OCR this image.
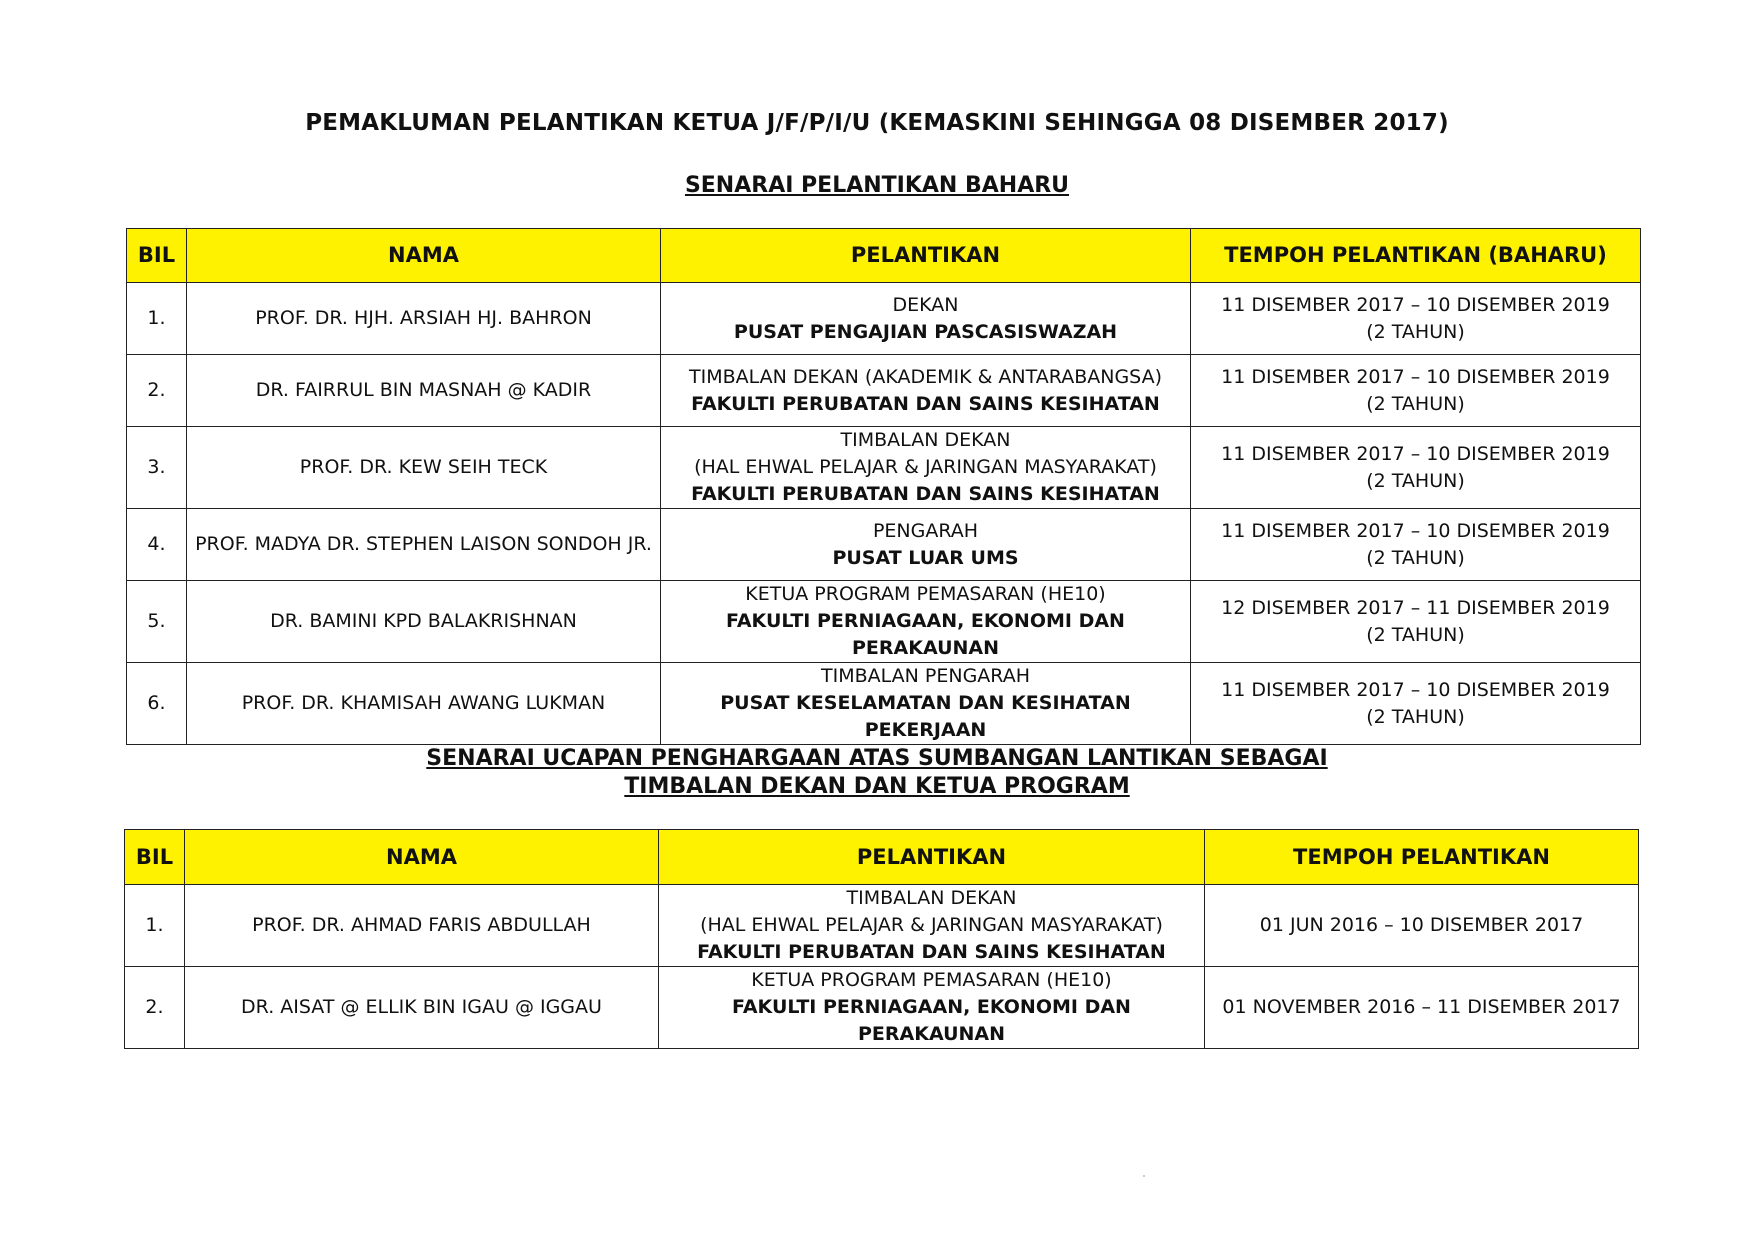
PEMAKLUMAN PELANTIKAN KETUA J/F/P/I/U (KEMASKINI SEHINGGA 08 DISEMBER 2017)
SENARAI PELANTIKAN BAHARU
BIL	NAMA	PELANTIKAN	TEMPOH PELANTIKAN (BAHARU)
1.	PROF. DR. HJH. ARSIAH HJ. BAHRON	DEKAN
PUSAT PENGAJIAN PASCASISWAZAH	11 DISEMBER 2017 – 10 DISEMBER 2019
(2 TAHUN)

2.	DR. FAIRRUL BIN MASNAH @ KADIR	TIMBALAN DEKAN (AKADEMIK & ANTARABANGSA)
FAKULTI PERUBATAN DAN SAINS KESIHATAN	11 DISEMBER 2017 – 10 DISEMBER 2019
(2 TAHUN)

3.	PROF. DR. KEW SEIH TECK	TIMBALAN DEKAN
(HAL EHWAL PELAJAR & JARINGAN MASYARAKAT)
FAKULTI PERUBATAN DAN SAINS KESIHATAN	11 DISEMBER 2017 – 10 DISEMBER 2019
(2 TAHUN)

4.	PROF. MADYA DR. STEPHEN LAISON SONDOH JR.	PENGARAH
PUSAT LUAR UMS	11 DISEMBER 2017 – 10 DISEMBER 2019
(2 TAHUN)

5.	DR. BAMINI KPD BALAKRISHNAN	KETUA PROGRAM PEMASARAN (HE10)
FAKULTI PERNIAGAAN, EKONOMI DAN PERAKAUNAN	12 DISEMBER 2017 – 11 DISEMBER 2019
(2 TAHUN)

6.	PROF. DR. KHAMISAH AWANG LUKMAN	TIMBALAN PENGARAH
PUSAT KESELAMATAN DAN KESIHATAN PEKERJAAN	11 DISEMBER 2017 – 10 DISEMBER 2019
(2 TAHUN)
SENARAI UCAPAN PENGHARGAAN ATAS SUMBANGAN LANTIKAN SEBAGAI
TIMBALAN DEKAN DAN KETUA PROGRAM
BIL	NAMA	PELANTIKAN	TEMPOH PELANTIKAN
1.	PROF. DR. AHMAD FARIS ABDULLAH	TIMBALAN DEKAN
(HAL EHWAL PELAJAR & JARINGAN MASYARAKAT)
FAKULTI PERUBATAN DAN SAINS KESIHATAN	01 JUN 2016 – 10 DISEMBER 2017

2.	DR. AISAT @ ELLIK BIN IGAU @ IGGAU	KETUA PROGRAM PEMASARAN (HE10)
FAKULTI PERNIAGAAN, EKONOMI DAN PERAKAUNAN	01 NOVEMBER 2016 – 11 DISEMBER 2017
